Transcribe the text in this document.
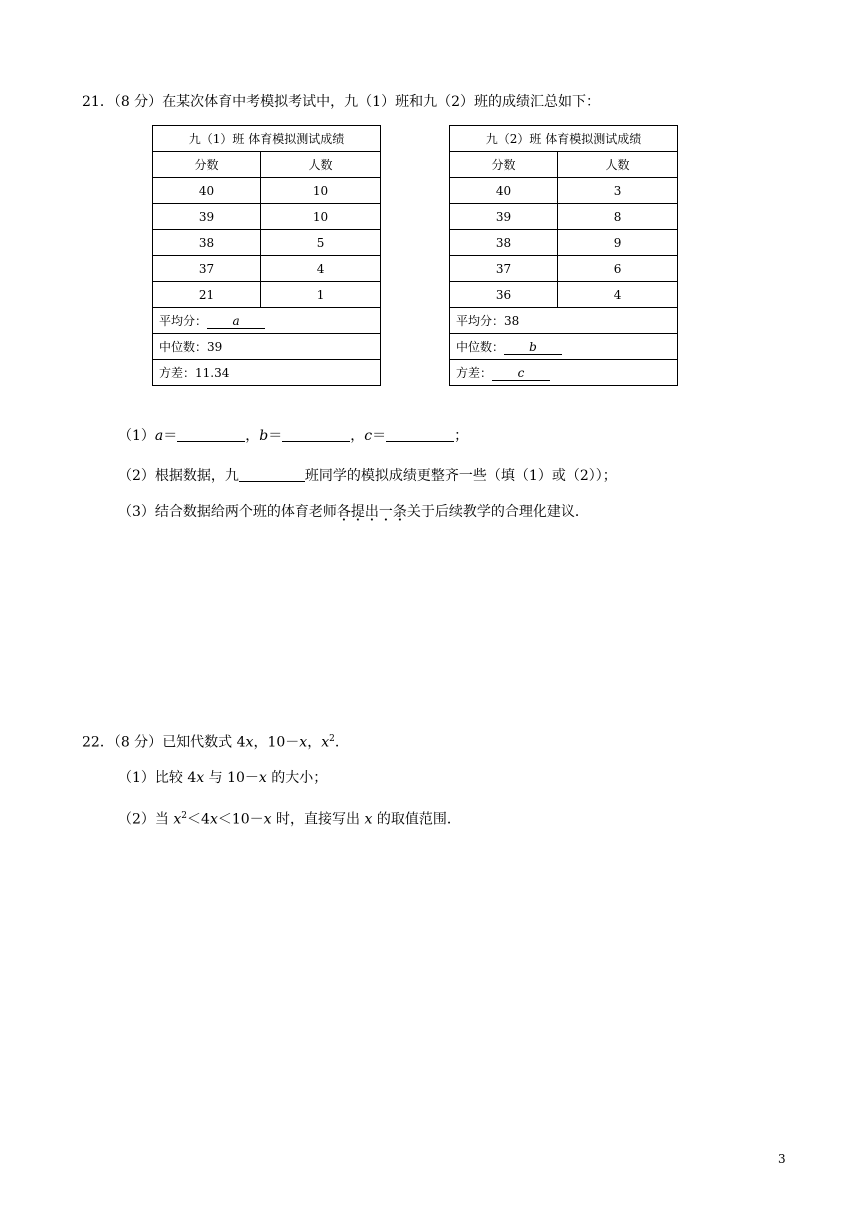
21．（8 分）在某次体育中考模拟考试中，九（1）班和九（2）班的成绩汇总如下：
九（1）班 体育模拟测试成绩	
分数	人数
40	10
39	10
38	5
37	4
21	1
平均分： a	
中位数：39	
方差：11.34	
九（2）班 体育模拟测试成绩	
分数	人数
40	3
39	8
38	9
37	6
36	4
平均分：38	
中位数： b	
方差： c	
（1）a＝	，b＝	，c＝	；
（2）根据数据，九	班同学的模拟成绩更整齐一些（填（1）或（2））；
（3）结合数据给两个班的体育老师各提出一条关于后续教学的合理化建议．
22．（8 分）已知代数式 4x，10－x，$x^2$.
（1）比较 4x 与 10－x 的大小；
（2）当 $x^2<4x<10-x$ 时，直接写出 x 的取值范围．
3
